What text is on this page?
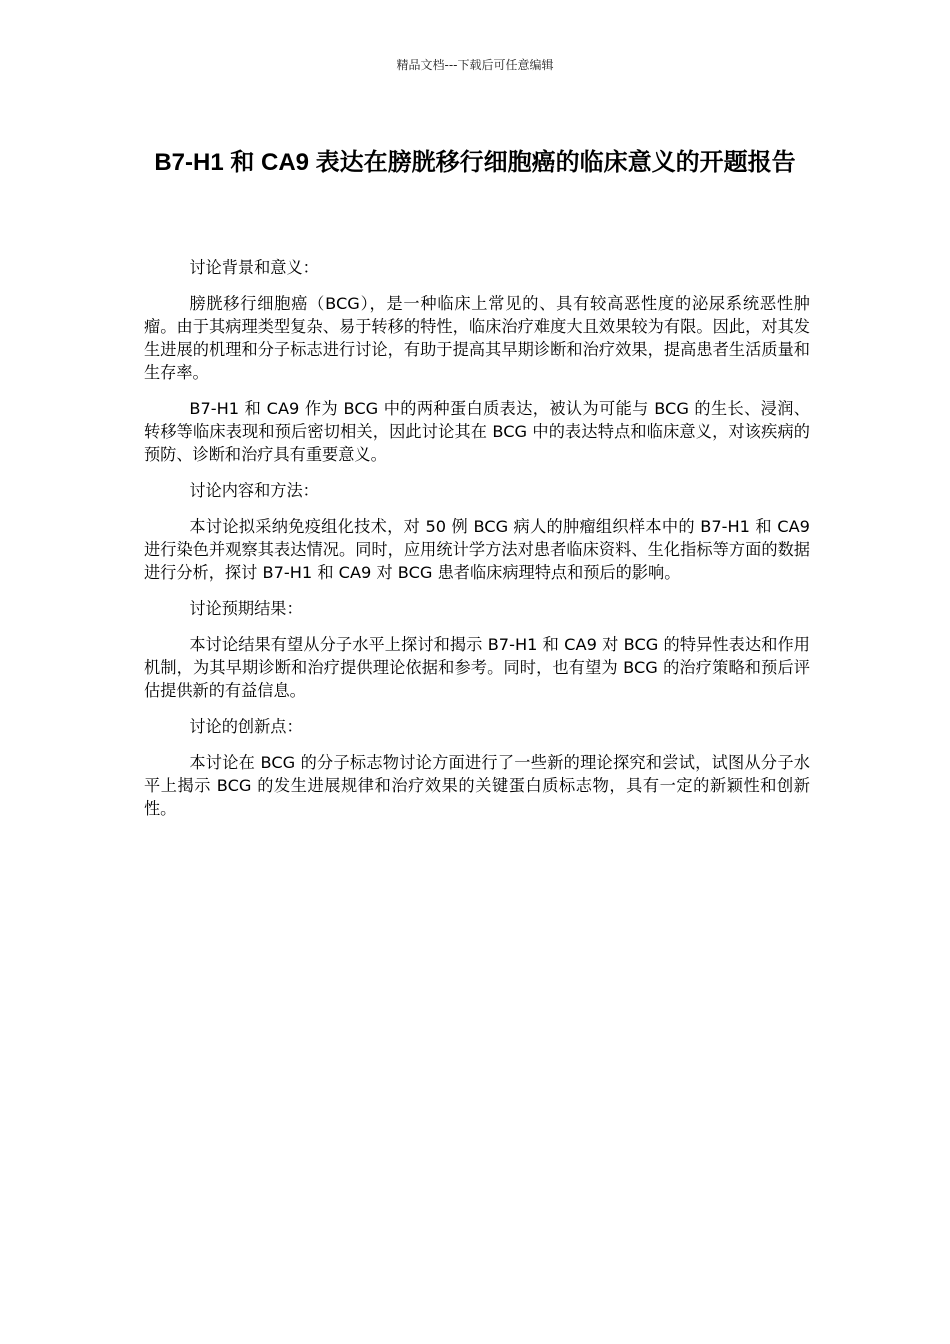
精品文档---下载后可任意编辑
B7-H1 和 CA9 表达在膀胱移行细胞癌的临床意义的开题报告

讨论背景和意义：

膀胱移行细胞癌（BCG），是一种临床上常见的、具有较高恶性度的泌尿系统恶性肿瘤。由于其病理类型复杂、易于转移的特性，临床治疗难度大且效果较为有限。因此，对其发生进展的机理和分子标志进行讨论，有助于提高其早期诊断和治疗效果，提高患者生活质量和生存率。

B7-H1 和 CA9 作为 BCG 中的两种蛋白质表达，被认为可能与 BCG 的生长、浸润、转移等临床表现和预后密切相关，因此讨论其在 BCG 中的表达特点和临床意义，对该疾病的预防、诊断和治疗具有重要意义。

讨论内容和方法：

本讨论拟采纳免疫组化技术，对 50 例 BCG 病人的肿瘤组织样本中的 B7-H1 和 CA9 进行染色并观察其表达情况。同时，应用统计学方法对患者临床资料、生化指标等方面的数据进行分析，探讨 B7-H1 和 CA9 对 BCG 患者临床病理特点和预后的影响。

讨论预期结果：

本讨论结果有望从分子水平上探讨和揭示 B7-H1 和 CA9 对 BCG 的特异性表达和作用机制，为其早期诊断和治疗提供理论依据和参考。同时，也有望为 BCG 的治疗策略和预后评估提供新的有益信息。

讨论的创新点：

本讨论在 BCG 的分子标志物讨论方面进行了一些新的理论探究和尝试，试图从分子水平上揭示 BCG 的发生进展规律和治疗效果的关键蛋白质标志物，具有一定的新颖性和创新性。
